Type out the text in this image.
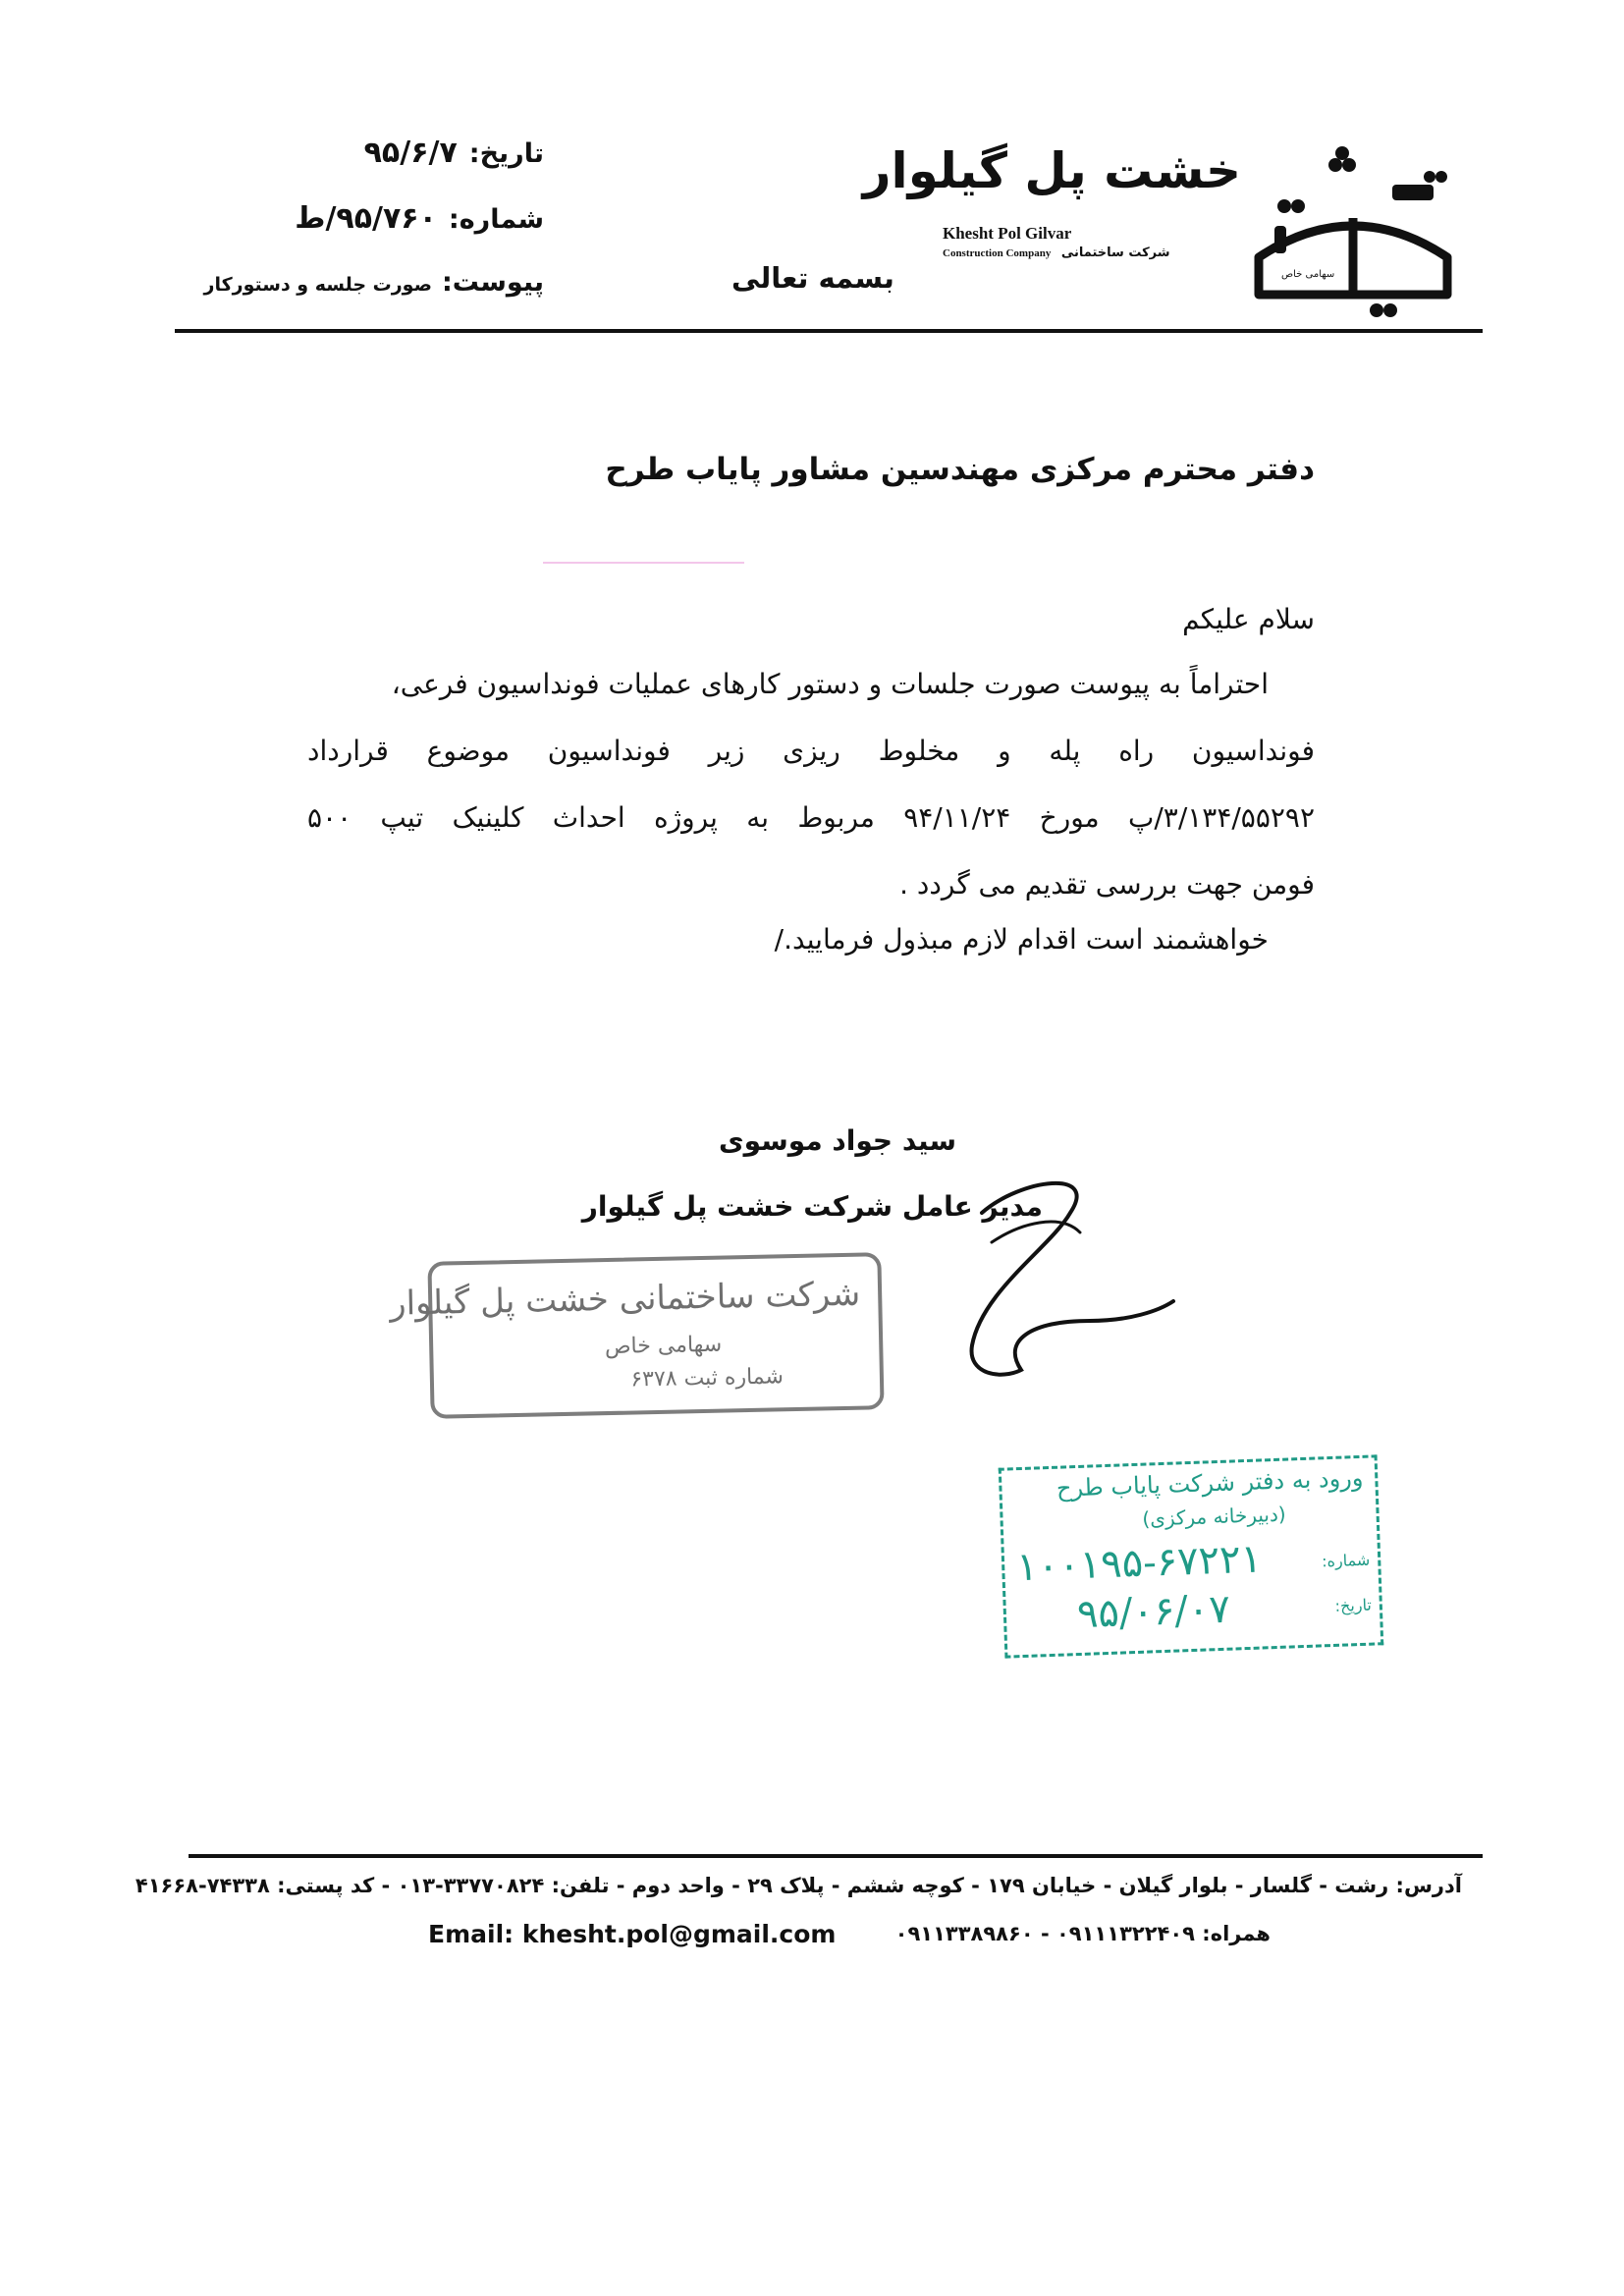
خشت پل گیلوار
Khesht Pol Gilvar
Construction Company شرکت ساختمانی
سهامی خاص
تاریخ:۹۵/۶/۷
شماره:۹۵/۷۶۰/ط
پیوست:صورت جلسه و دستورکار	بسمه تعالی
دفتر محترم مرکزی مهندسین مشاور پایاب طرح
سلام علیکم
احتراماً به پیوست صورت جلسات و دستور کارهای عملیات فونداسیون فرعی،
فونداسیون راه پله و مخلوط ریزی زیر فونداسیون موضوع قرارداد
۳/۱۳۴/۵۵۲۹۲/پ مورخ ۹۴/۱۱/۲۴ مربوط به پروژه احداث کلینیک تیپ ۵۰۰
فومن جهت بررسی تقدیم می گردد .
خواهشمند است اقدام لازم مبذول فرمایید./
سید جواد موسوی
مدیر عامل شرکت خشت پل گیلوار
شرکت ساختمانی خشت پل گیلوار
سهامی خاص
شماره ثبت ۶۳۷۸
ورود به دفتر شرکت پایاب طرح
(دبیرخانه مرکزی)
شماره:
تاریخ:
۱۰۰۱۹۵-۶۷۲۲۱
۹۵/۰۶/۰۷
آدرس: رشت - گلسار - بلوار گیلان - خیابان ۱۷۹ - کوچه ششم - پلاک ۲۹ - واحد دوم - تلفن: ۳۳۷۷۰۸۲۴-۰۱۳ - کد پستی: ۷۴۳۳۸-۴۱۶۶۸
همراه: ۰۹۱۱۱۳۲۲۴۰۹ - ۰۹۱۱۳۳۸۹۸۶۰
Email: khesht.pol@gmail.com
